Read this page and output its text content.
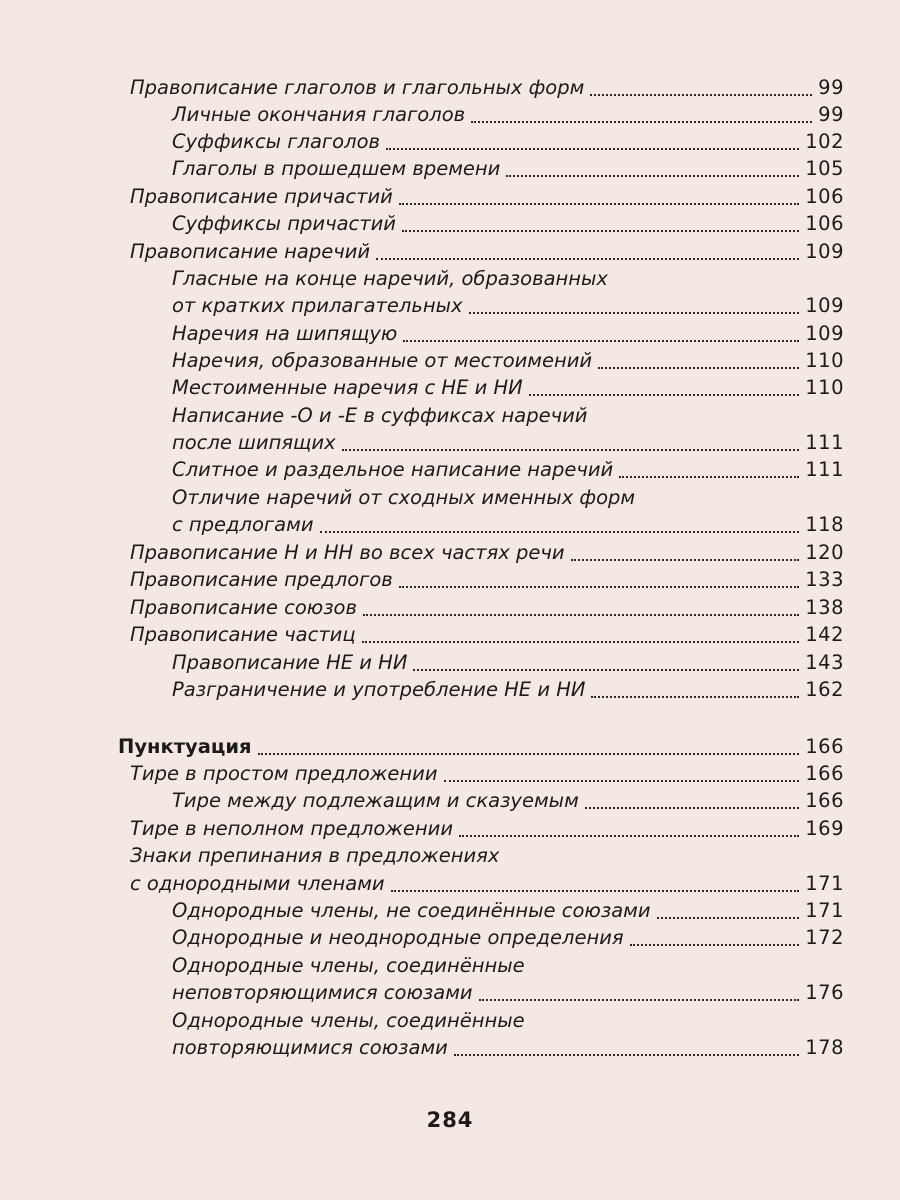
Правописание глаголов и глагольных форм	99
Личные окончания глаголов	99
Суффиксы глаголов	102
Глаголы в прошедшем времени	105
Правописание причастий	106
Суффиксы причастий	106
Правописание наречий	109
Гласные на конце наречий, образованных
от кратких прилагательных	109
Наречия на шипящую	109
Наречия, образованные от местоимений	110
Местоименные наречия с НЕ и НИ	110
Написание -О и -Е в суффиксах наречий
после шипящих	111
Слитное и раздельное написание наречий	111
Отличие наречий от сходных именных форм
с предлогами	118
Правописание Н и НН во всех частях речи	120
Правописание предлогов	133
Правописание союзов	138
Правописание частиц	142
Правописание НЕ и НИ	143
Разграничение и употребление НЕ и НИ	162
Пунктуация	166
Тире в простом предложении	166
Тире между подлежащим и сказуемым	166
Тире в неполном предложении	169
Знаки препинания в предложениях
с однородными членами	171
Однородные члены, не соединённые союзами	171
Однородные и неоднородные определения	172
Однородные члены, соединённые
неповторяющимися союзами	176
Однородные члены, соединённые
повторяющимися союзами	178
284
